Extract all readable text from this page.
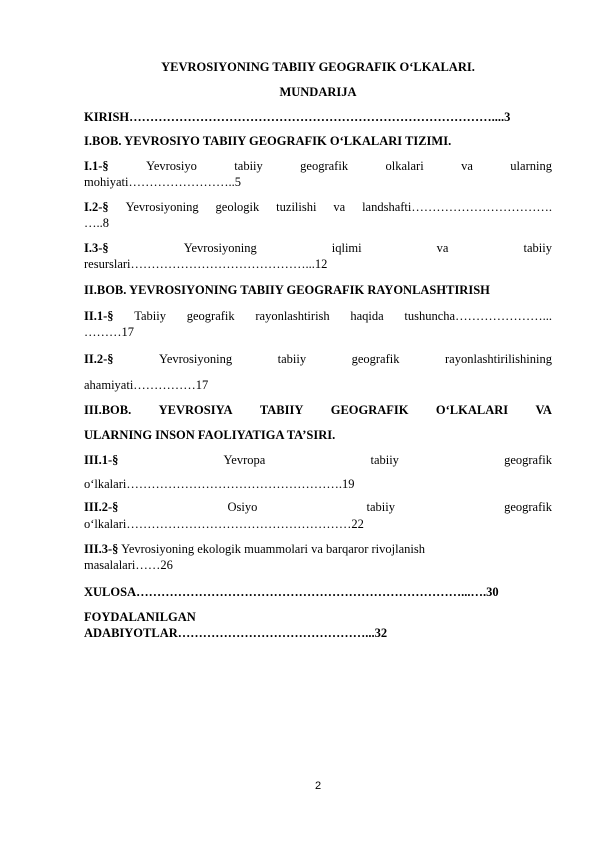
YEVROSIYONING TABIIY GEOGRAFIK O‘LKALARI.
MUNDARIJA
KIRISH……………………………………………………………………………....3
I.BOB. YEVROSIYO TABIIY GEOGRAFIK O‘LKALARI TIZIMI.
I.1-§	Yevrosiyo	tabiiy	geografik	olkalari	va	ularning
mohiyati……………………..5
I.2-§ Yevrosiyoning geologik tuzilishi va landshafti…………………………….
…..8
I.3-§	Yevrosiyoning	iqlimi	va	tabiiy
resurslari……………………………………...12
II.BOB. YEVROSIYONING TABIIY GEOGRAFIK RAYONLASHTIRISH
II.1-§ Tabiiy geografik rayonlashtirish haqida tushuncha…………………...
………17
II.2-§	Yevrosiyoning	tabiiy	geografik	rayonlashtirilishining
ahamiyati……………17
III.BOB. YEVROSIYA TABIIY GEOGRAFIK O‘LKALARI VA
ULARNING INSON FAOLIYATIGA TA’SIRI.
III.1-§	Yevropa	tabiiy	geografik
o‘lkalari…………………………………………….19
III.2-§	Osiyo	tabiiy	geografik
o‘lkalari………………………………………………22
III.3-§ Yevrosiyoning ekologik muammolari va barqaror rivojlanish
masalalari……26
XULOSA……………………………………………………………………...….30
FOYDALANILGAN
ADABIYOTLAR………………………………………...32
2
